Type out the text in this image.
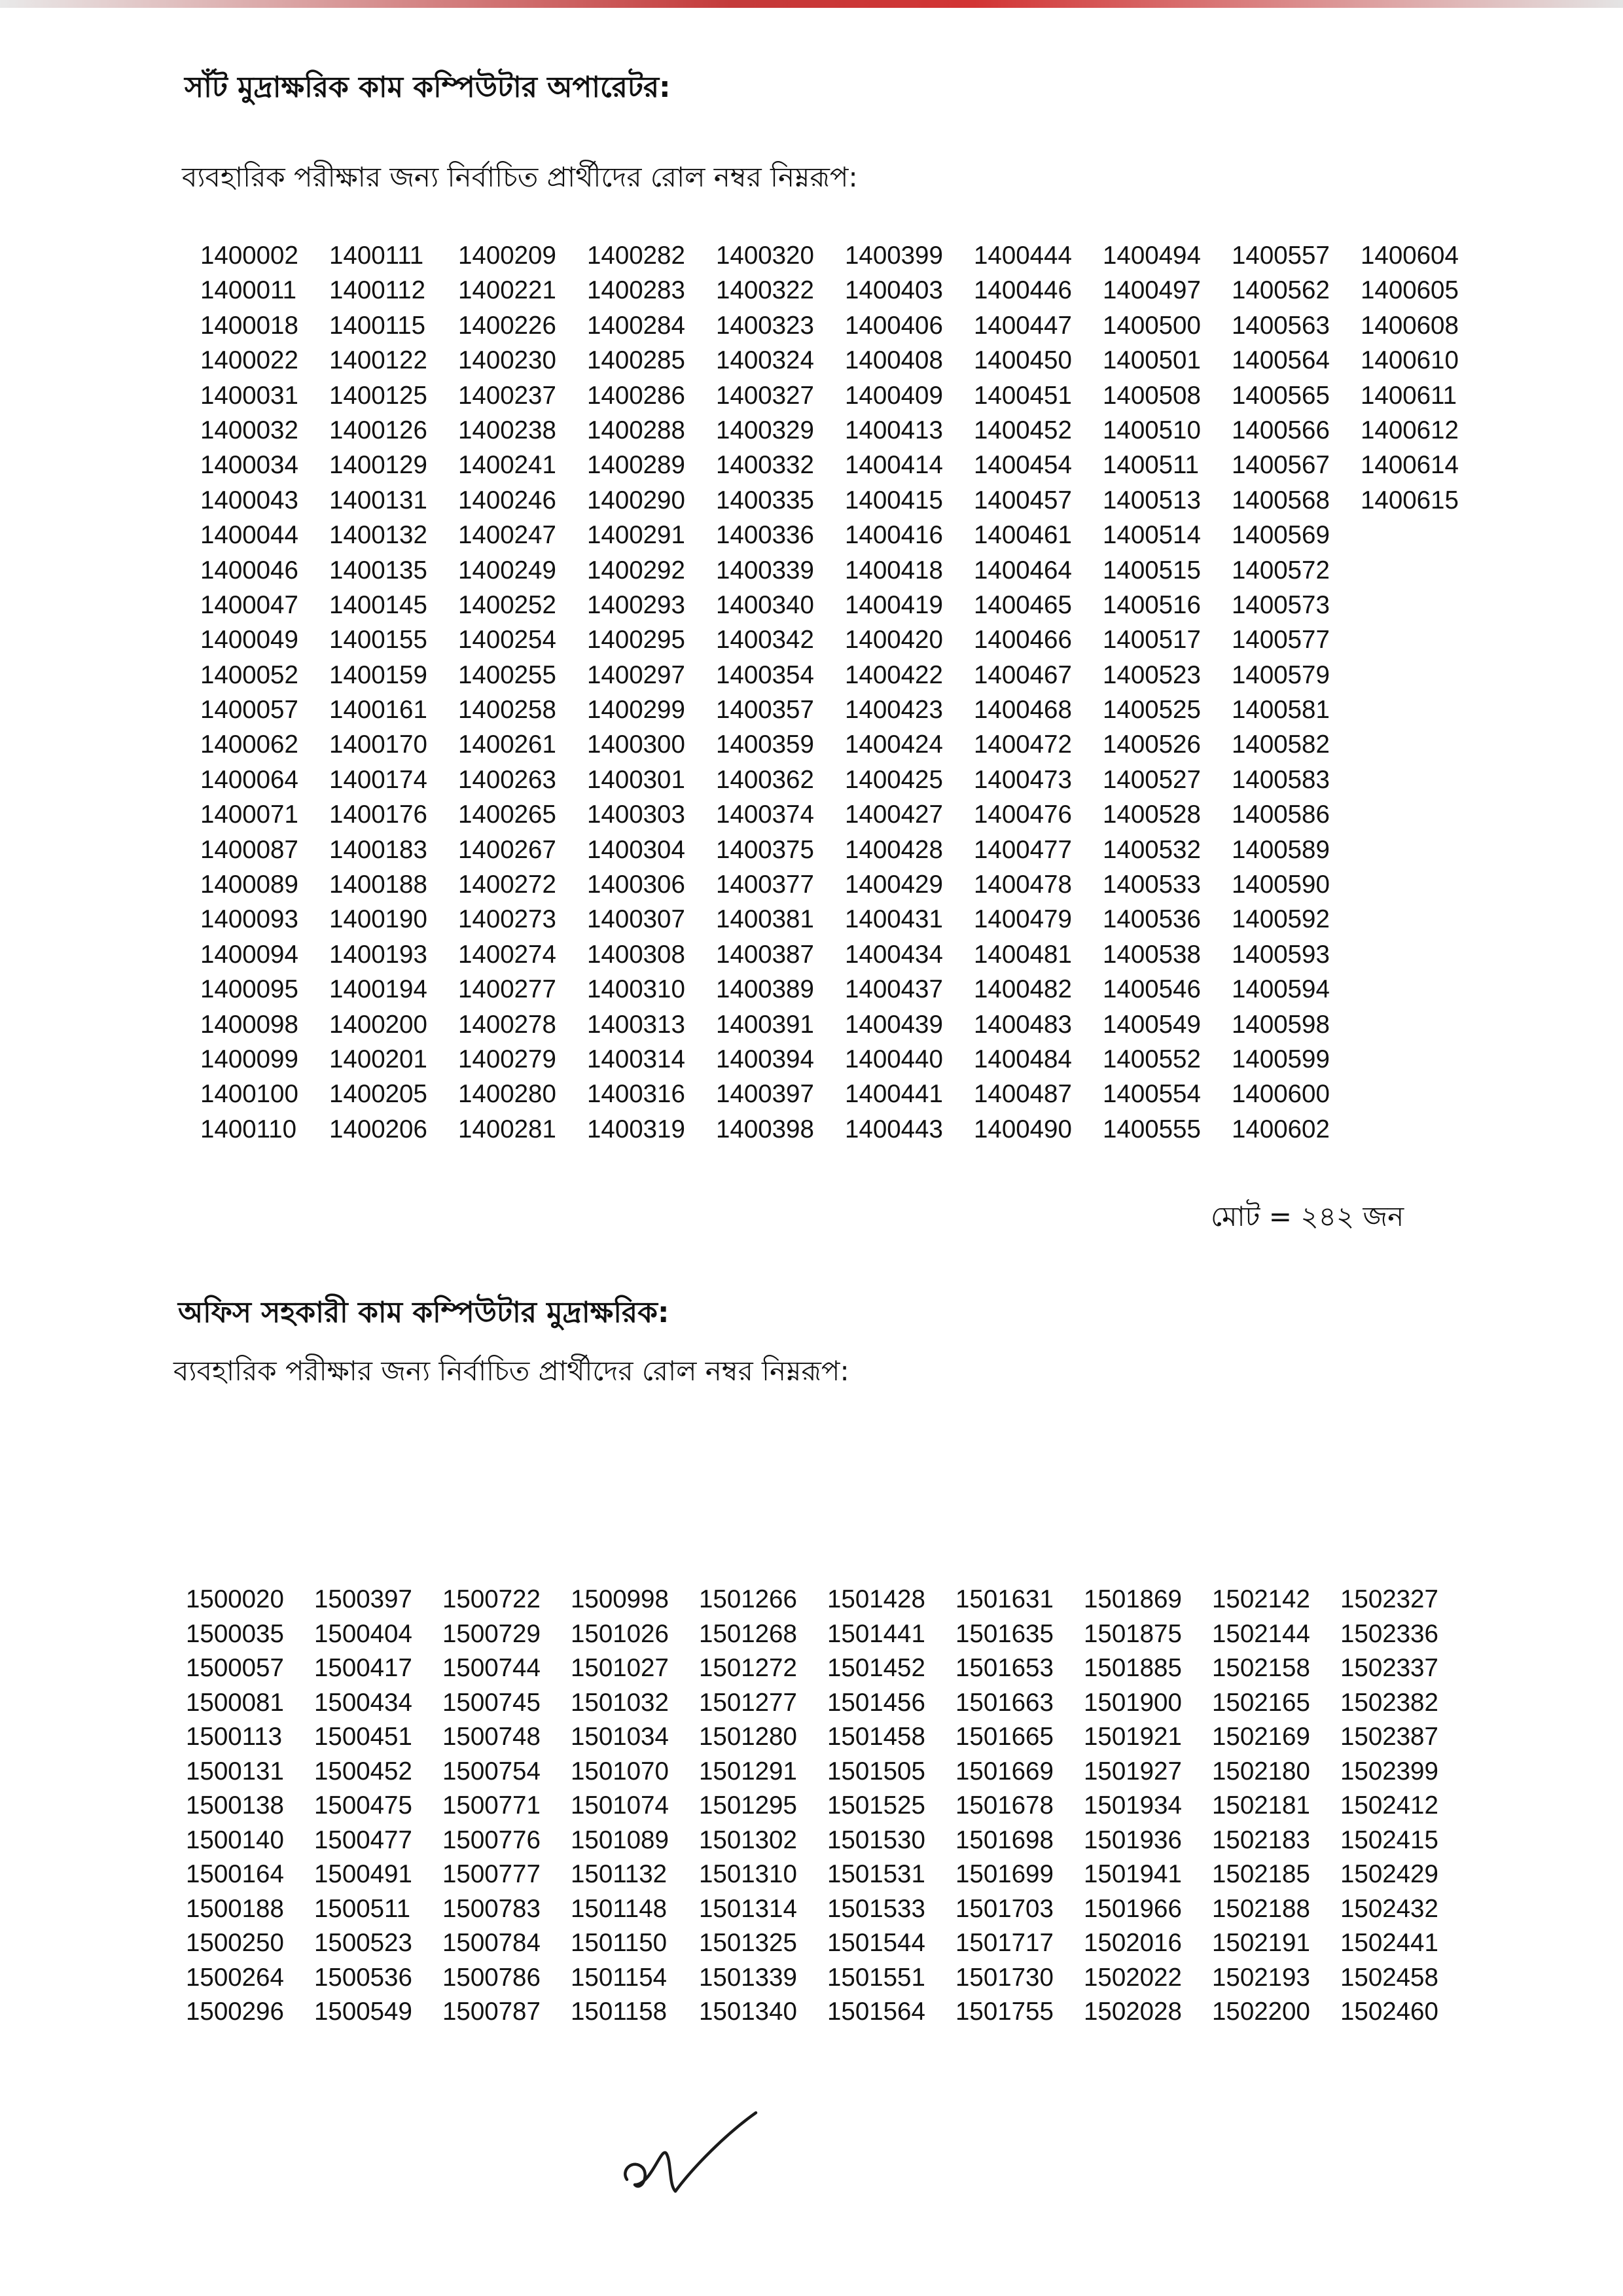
সাঁট মুদ্রাক্ষরিক কাম কম্পিউটার অপারেটর:
ব্যবহারিক পরীক্ষার জন্য নির্বাচিত প্রার্থীদের রোল নম্বর নিম্নরূপ:
1400002
1400011
1400018
1400022
1400031
1400032
1400034
1400043
1400044
1400046
1400047
1400049
1400052
1400057
1400062
1400064
1400071
1400087
1400089
1400093
1400094
1400095
1400098
1400099
1400100
1400110
1400111
1400112
1400115
1400122
1400125
1400126
1400129
1400131
1400132
1400135
1400145
1400155
1400159
1400161
1400170
1400174
1400176
1400183
1400188
1400190
1400193
1400194
1400200
1400201
1400205
1400206
1400209
1400221
1400226
1400230
1400237
1400238
1400241
1400246
1400247
1400249
1400252
1400254
1400255
1400258
1400261
1400263
1400265
1400267
1400272
1400273
1400274
1400277
1400278
1400279
1400280
1400281
1400282
1400283
1400284
1400285
1400286
1400288
1400289
1400290
1400291
1400292
1400293
1400295
1400297
1400299
1400300
1400301
1400303
1400304
1400306
1400307
1400308
1400310
1400313
1400314
1400316
1400319
1400320
1400322
1400323
1400324
1400327
1400329
1400332
1400335
1400336
1400339
1400340
1400342
1400354
1400357
1400359
1400362
1400374
1400375
1400377
1400381
1400387
1400389
1400391
1400394
1400397
1400398
1400399
1400403
1400406
1400408
1400409
1400413
1400414
1400415
1400416
1400418
1400419
1400420
1400422
1400423
1400424
1400425
1400427
1400428
1400429
1400431
1400434
1400437
1400439
1400440
1400441
1400443
1400444
1400446
1400447
1400450
1400451
1400452
1400454
1400457
1400461
1400464
1400465
1400466
1400467
1400468
1400472
1400473
1400476
1400477
1400478
1400479
1400481
1400482
1400483
1400484
1400487
1400490
1400494
1400497
1400500
1400501
1400508
1400510
1400511
1400513
1400514
1400515
1400516
1400517
1400523
1400525
1400526
1400527
1400528
1400532
1400533
1400536
1400538
1400546
1400549
1400552
1400554
1400555
1400557
1400562
1400563
1400564
1400565
1400566
1400567
1400568
1400569
1400572
1400573
1400577
1400579
1400581
1400582
1400583
1400586
1400589
1400590
1400592
1400593
1400594
1400598
1400599
1400600
1400602
1400604
1400605
1400608
1400610
1400611
1400612
1400614
1400615
মোট = ২৪২ জন
অফিস সহকারী কাম কম্পিউটার মুদ্রাক্ষরিক:
ব্যবহারিক পরীক্ষার জন্য নির্বাচিত প্রার্থীদের রোল নম্বর নিম্নরূপ:
1500020
1500035
1500057
1500081
1500113
1500131
1500138
1500140
1500164
1500188
1500250
1500264
1500296
1500397
1500404
1500417
1500434
1500451
1500452
1500475
1500477
1500491
1500511
1500523
1500536
1500549
1500722
1500729
1500744
1500745
1500748
1500754
1500771
1500776
1500777
1500783
1500784
1500786
1500787
1500998
1501026
1501027
1501032
1501034
1501070
1501074
1501089
1501132
1501148
1501150
1501154
1501158
1501266
1501268
1501272
1501277
1501280
1501291
1501295
1501302
1501310
1501314
1501325
1501339
1501340
1501428
1501441
1501452
1501456
1501458
1501505
1501525
1501530
1501531
1501533
1501544
1501551
1501564
1501631
1501635
1501653
1501663
1501665
1501669
1501678
1501698
1501699
1501703
1501717
1501730
1501755
1501869
1501875
1501885
1501900
1501921
1501927
1501934
1501936
1501941
1501966
1502016
1502022
1502028
1502142
1502144
1502158
1502165
1502169
1502180
1502181
1502183
1502185
1502188
1502191
1502193
1502200
1502327
1502336
1502337
1502382
1502387
1502399
1502412
1502415
1502429
1502432
1502441
1502458
1502460
